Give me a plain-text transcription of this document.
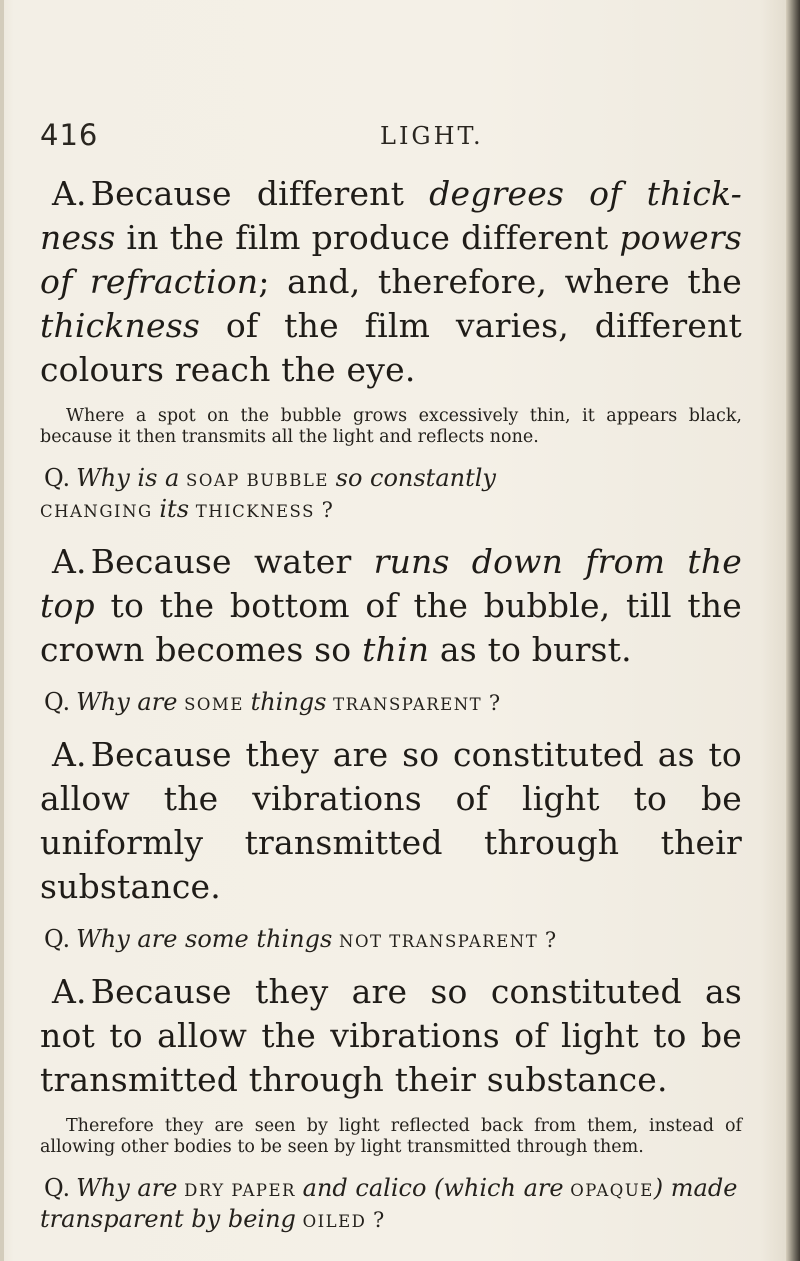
416	LIGHT.

A. Because different degrees of thick-ness in the film produce different powers of refraction; and, therefore, where the thickness of the film varies, different colours reach the eye.

Where a spot on the bubble grows excessively thin, it appears black, because it then transmits all the light and reflects none.

Q. Why is a SOAP BUBBLE so constantly
CHANGING its THICKNESS ?

A. Because water runs down from the top to the bottom of the bubble, till the crown becomes so thin as to burst.

Q. Why are SOME things TRANSPARENT ?

A. Because they are so constituted as to allow the vibrations of light to be uniformly transmitted through their substance.

Q. Why are some things NOT TRANSPARENT ?

A. Because they are so constituted as not to allow the vibrations of light to be transmitted through their substance.

Therefore they are seen by light reflected back from them, instead of allowing other bodies to be seen by light transmitted through them.

Q. Why are DRY PAPER and calico (which are OPAQUE) made transparent by being OILED ?
